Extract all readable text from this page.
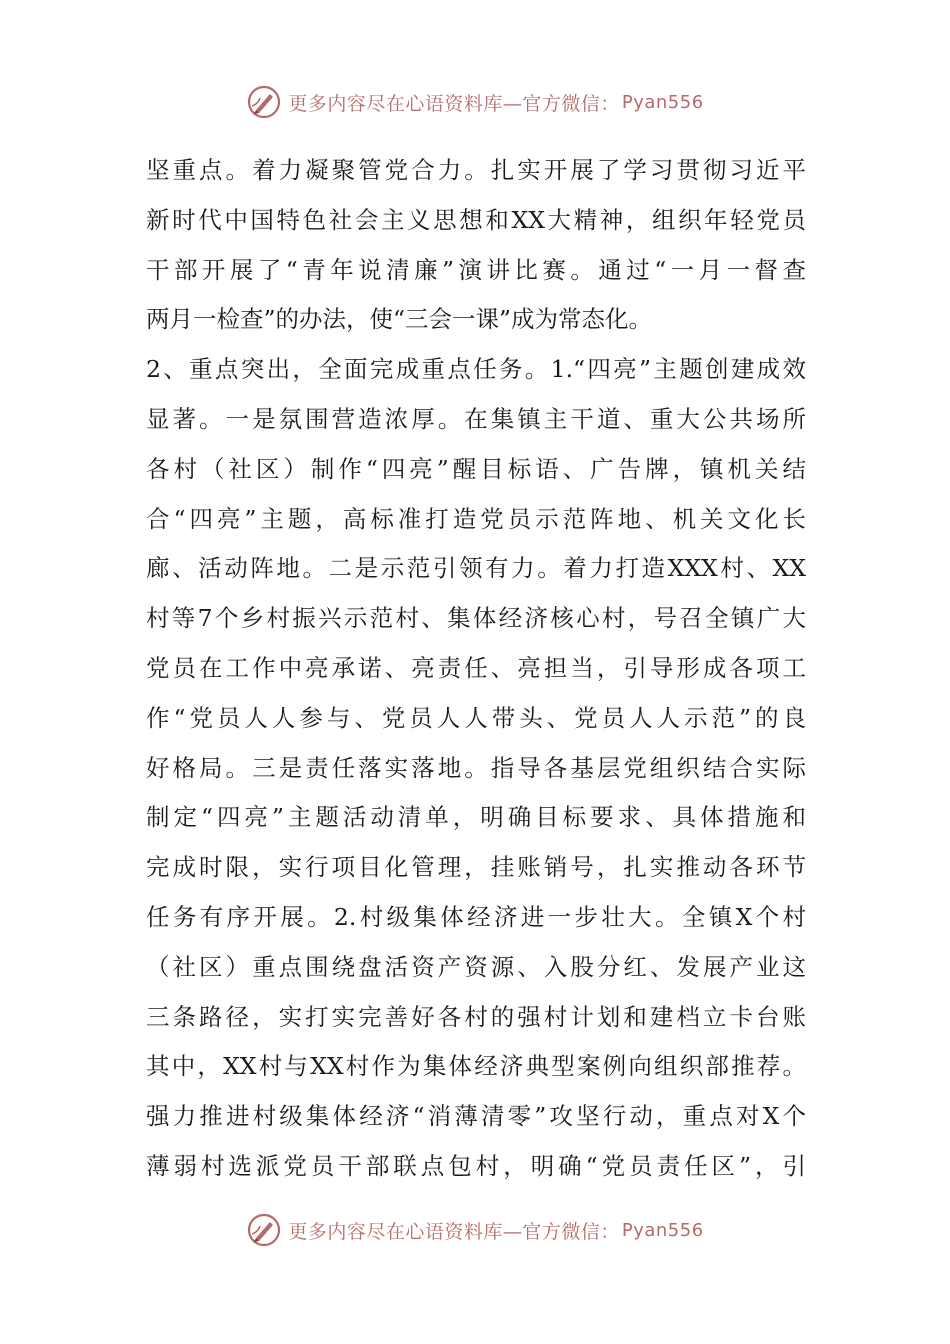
更多内容尽在心语资料库—官方微信： Pyan556
坚重点。着力凝聚管党合力。扎实开展了学习贯彻习近平
新时代中国特色社会主义思想和XX大精神，组织年轻党员
干部开展了“青年说清廉”演讲比赛。通过“一月一督查
两月一检查”的办法，使“三会一课”成为常态化。
2、重点突出，全面完成重点任务。1.“四亮”主题创建成效
显著。一是氛围营造浓厚。在集镇主干道、重大公共场所
各村（社区）制作“四亮”醒目标语、广告牌，镇机关结
合“四亮”主题，高标准打造党员示范阵地、机关文化长
廊、活动阵地。二是示范引领有力。着力打造XXX村、XX
村等7个乡村振兴示范村、集体经济核心村，号召全镇广大
党员在工作中亮承诺、亮责任、亮担当，引导形成各项工
作“党员人人参与、党员人人带头、党员人人示范”的良
好格局。三是责任落实落地。指导各基层党组织结合实际
制定“四亮”主题活动清单，明确目标要求、具体措施和
完成时限，实行项目化管理，挂账销号，扎实推动各环节
任务有序开展。2.村级集体经济进一步壮大。全镇X个村
（社区）重点围绕盘活资产资源、入股分红、发展产业这
三条路径，实打实完善好各村的强村计划和建档立卡台账
其中，XX村与XX村作为集体经济典型案例向组织部推荐。
强力推进村级集体经济“消薄清零”攻坚行动，重点对X个
薄弱村选派党员干部联点包村，明确“党员责任区”，引
更多内容尽在心语资料库—官方微信： Pyan556
